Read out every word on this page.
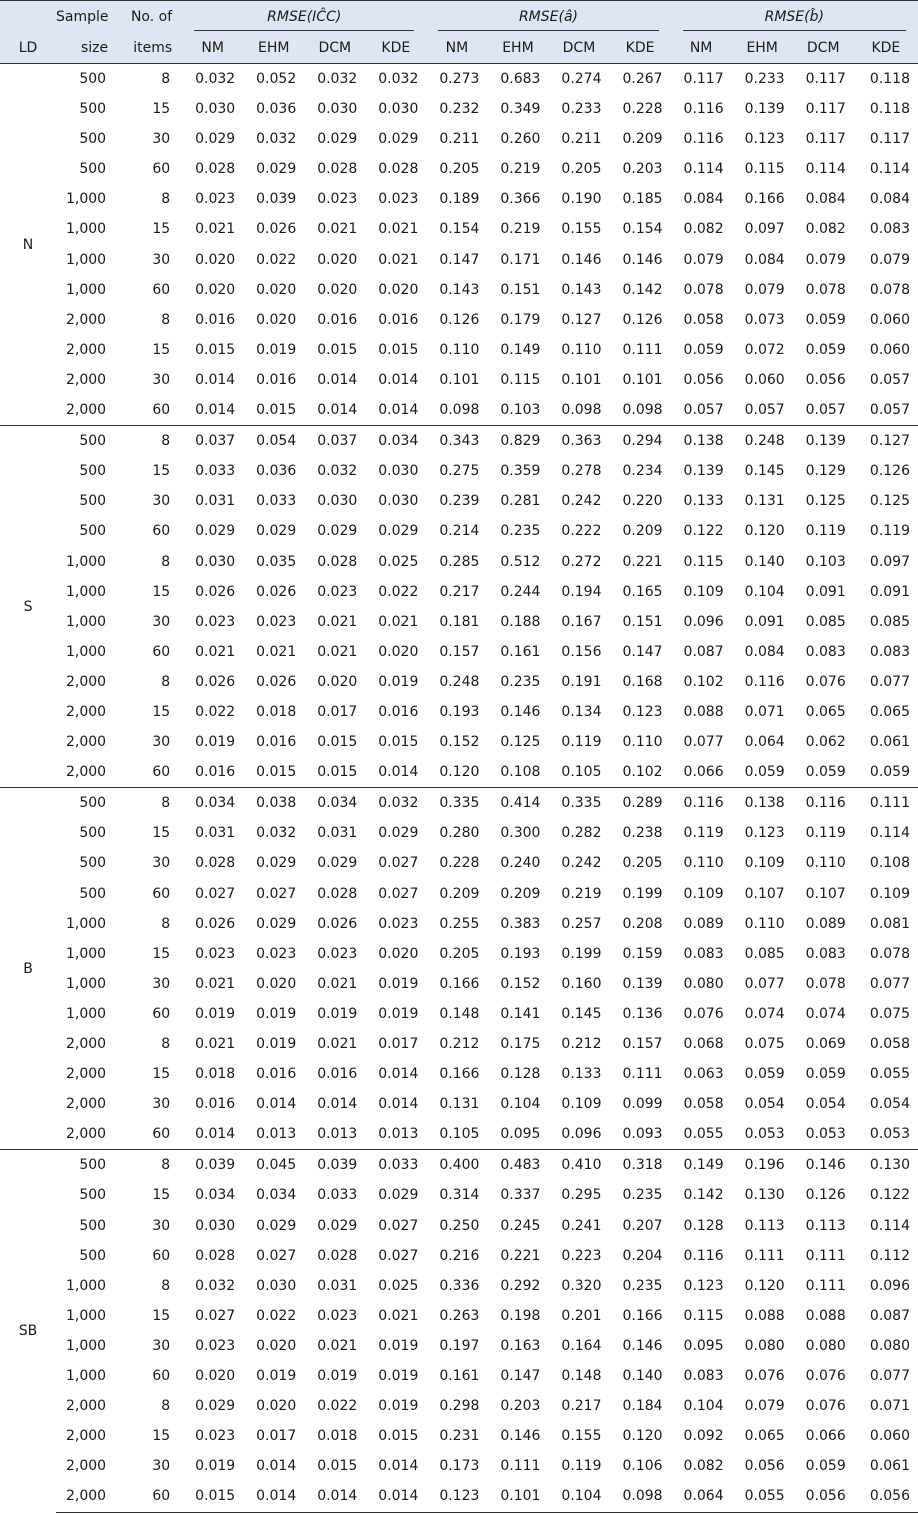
	Sample	No. of	RMSE(IĈC)				RMSE(â)				RMSE(b̂)			

LD	size	items	NM	EHM	DCM	KDE	NM	EHM	DCM	KDE	NM	EHM	DCM	KDE
N	500	8	0.032	0.052	0.032	0.032	0.273	0.683	0.274	0.267	0.117	0.233	0.117	0.118
	500	15	0.030	0.036	0.030	0.030	0.232	0.349	0.233	0.228	0.116	0.139	0.117	0.118
	500	30	0.029	0.032	0.029	0.029	0.211	0.260	0.211	0.209	0.116	0.123	0.117	0.117
	500	60	0.028	0.029	0.028	0.028	0.205	0.219	0.205	0.203	0.114	0.115	0.114	0.114
	1,000	8	0.023	0.039	0.023	0.023	0.189	0.366	0.190	0.185	0.084	0.166	0.084	0.084
	1,000	15	0.021	0.026	0.021	0.021	0.154	0.219	0.155	0.154	0.082	0.097	0.082	0.083
	1,000	30	0.020	0.022	0.020	0.021	0.147	0.171	0.146	0.146	0.079	0.084	0.079	0.079
	1,000	60	0.020	0.020	0.020	0.020	0.143	0.151	0.143	0.142	0.078	0.079	0.078	0.078
	2,000	8	0.016	0.020	0.016	0.016	0.126	0.179	0.127	0.126	0.058	0.073	0.059	0.060
	2,000	15	0.015	0.019	0.015	0.015	0.110	0.149	0.110	0.111	0.059	0.072	0.059	0.060
	2,000	30	0.014	0.016	0.014	0.014	0.101	0.115	0.101	0.101	0.056	0.060	0.056	0.057
	2,000	60	0.014	0.015	0.014	0.014	0.098	0.103	0.098	0.098	0.057	0.057	0.057	0.057
S	500	8	0.037	0.054	0.037	0.034	0.343	0.829	0.363	0.294	0.138	0.248	0.139	0.127
	500	15	0.033	0.036	0.032	0.030	0.275	0.359	0.278	0.234	0.139	0.145	0.129	0.126
	500	30	0.031	0.033	0.030	0.030	0.239	0.281	0.242	0.220	0.133	0.131	0.125	0.125
	500	60	0.029	0.029	0.029	0.029	0.214	0.235	0.222	0.209	0.122	0.120	0.119	0.119
	1,000	8	0.030	0.035	0.028	0.025	0.285	0.512	0.272	0.221	0.115	0.140	0.103	0.097
	1,000	15	0.026	0.026	0.023	0.022	0.217	0.244	0.194	0.165	0.109	0.104	0.091	0.091
	1,000	30	0.023	0.023	0.021	0.021	0.181	0.188	0.167	0.151	0.096	0.091	0.085	0.085
	1,000	60	0.021	0.021	0.021	0.020	0.157	0.161	0.156	0.147	0.087	0.084	0.083	0.083
	2,000	8	0.026	0.026	0.020	0.019	0.248	0.235	0.191	0.168	0.102	0.116	0.076	0.077
	2,000	15	0.022	0.018	0.017	0.016	0.193	0.146	0.134	0.123	0.088	0.071	0.065	0.065
	2,000	30	0.019	0.016	0.015	0.015	0.152	0.125	0.119	0.110	0.077	0.064	0.062	0.061
	2,000	60	0.016	0.015	0.015	0.014	0.120	0.108	0.105	0.102	0.066	0.059	0.059	0.059
B	500	8	0.034	0.038	0.034	0.032	0.335	0.414	0.335	0.289	0.116	0.138	0.116	0.111
	500	15	0.031	0.032	0.031	0.029	0.280	0.300	0.282	0.238	0.119	0.123	0.119	0.114
	500	30	0.028	0.029	0.029	0.027	0.228	0.240	0.242	0.205	0.110	0.109	0.110	0.108
	500	60	0.027	0.027	0.028	0.027	0.209	0.209	0.219	0.199	0.109	0.107	0.107	0.109
	1,000	8	0.026	0.029	0.026	0.023	0.255	0.383	0.257	0.208	0.089	0.110	0.089	0.081
	1,000	15	0.023	0.023	0.023	0.020	0.205	0.193	0.199	0.159	0.083	0.085	0.083	0.078
	1,000	30	0.021	0.020	0.021	0.019	0.166	0.152	0.160	0.139	0.080	0.077	0.078	0.077
	1,000	60	0.019	0.019	0.019	0.019	0.148	0.141	0.145	0.136	0.076	0.074	0.074	0.075
	2,000	8	0.021	0.019	0.021	0.017	0.212	0.175	0.212	0.157	0.068	0.075	0.069	0.058
	2,000	15	0.018	0.016	0.016	0.014	0.166	0.128	0.133	0.111	0.063	0.059	0.059	0.055
	2,000	30	0.016	0.014	0.014	0.014	0.131	0.104	0.109	0.099	0.058	0.054	0.054	0.054
	2,000	60	0.014	0.013	0.013	0.013	0.105	0.095	0.096	0.093	0.055	0.053	0.053	0.053
SB	500	8	0.039	0.045	0.039	0.033	0.400	0.483	0.410	0.318	0.149	0.196	0.146	0.130
	500	15	0.034	0.034	0.033	0.029	0.314	0.337	0.295	0.235	0.142	0.130	0.126	0.122
	500	30	0.030	0.029	0.029	0.027	0.250	0.245	0.241	0.207	0.128	0.113	0.113	0.114
	500	60	0.028	0.027	0.028	0.027	0.216	0.221	0.223	0.204	0.116	0.111	0.111	0.112
	1,000	8	0.032	0.030	0.031	0.025	0.336	0.292	0.320	0.235	0.123	0.120	0.111	0.096
	1,000	15	0.027	0.022	0.023	0.021	0.263	0.198	0.201	0.166	0.115	0.088	0.088	0.087
	1,000	30	0.023	0.020	0.021	0.019	0.197	0.163	0.164	0.146	0.095	0.080	0.080	0.080
	1,000	60	0.020	0.019	0.019	0.019	0.161	0.147	0.148	0.140	0.083	0.076	0.076	0.077
	2,000	8	0.029	0.020	0.022	0.019	0.298	0.203	0.217	0.184	0.104	0.079	0.076	0.071
	2,000	15	0.023	0.017	0.018	0.015	0.231	0.146	0.155	0.120	0.092	0.065	0.066	0.060
	2,000	30	0.019	0.014	0.015	0.014	0.173	0.111	0.119	0.106	0.082	0.056	0.059	0.061
	2,000	60	0.015	0.014	0.014	0.014	0.123	0.101	0.104	0.098	0.064	0.055	0.056	0.056
